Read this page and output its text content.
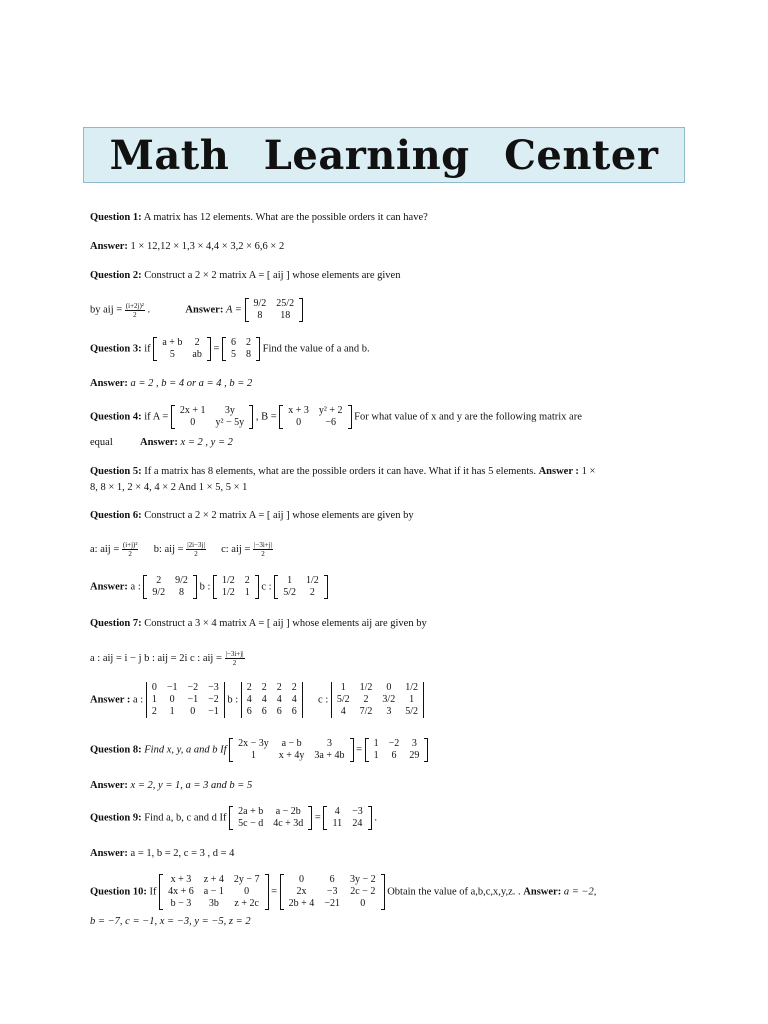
Math Learning Center
Question 1: A matrix has 12 elements. What are the possible orders it can have?
Answer: 1 × 12,12 × 1,3 × 4,4 × 3,2 × 6,6 × 2
Question 2: Construct a 2 × 2 matrix A = [ aij ] whose elements are given
by aij = $\frac{\text{(i+2j)²}}{2}$ .	Answer: A =
9/2	25/2
8	18
Question 3: if
a + b	2
5	ab
=
6	2
5	8
Find the value of a and b.
Answer: a = 2 , b = 4 or a = 4 , b = 2
Question 4: if A =
2x + 1	3y
0	y² − 5y
, B =
x + 3	y² + 2
0	−6
For what value of x and y are the following matrix are
equal	Answer: x = 2 , y = 2
Question 5: If a matrix has 8 elements, what are the possible orders it can have. What if it has 5 elements. Answer : 1 ×
8, 8 × 1, 2 × 4, 4 × 2 And 1 × 5, 5 × 1
Question 6: Construct a 2 × 2 matrix A = [ aij ] whose elements are given by
a: aij = $\frac{\text{(i+j)²}}{2} b$: aij = $\frac{|2i-3j|}{2} c$: aij = $\frac{|-3i+j|}{2}$
Answer: a :
2	9/2
9/2	8
b :
1/2	2
1/2	1
c :
1	1/2
5/2	2
Question 7: Construct a 3 × 4 matrix A = [ aij ] whose elements aij are given by
a : aij = i − j b : aij = 2i c : aij = $\frac{|-3i+j|}{2}$
Answer : a :
0	−1	−2	−3
1	0	−1	−2
2	1	0	−1
b :
2	2	2	2
4	4	4	4
6	6	6	6
c :
1	1/2	0	1/2
5/2	2	3/2	1
4	7/2	3	5/2
Question 8: Find x, y, a and b If
2x − 3y	a − b	3
1	x + 4y	3a + 4b
=
1	−2	3
1	6	29
Answer: x = 2, y = 1, a = 3 and b = 5
Question 9: Find a, b, c and d If
2a + b	a − 2b
5c − d	4c + 3d
=
4	−3
11	24
.
Answer: a = 1, b = 2, c = 3 , d = 4
Question 10: If
x + 3	z + 4	2y − 7
4x + 6	a − 1	0
b − 3	3b	z + 2c
=
0	6	3y − 2
2x	−3	2c − 2
2b + 4	−21	0
Obtain the value of a,b,c,x,y,z. . Answer: a = −2,
b = −7, c = −1, x = −3, y = −5, z = 2
